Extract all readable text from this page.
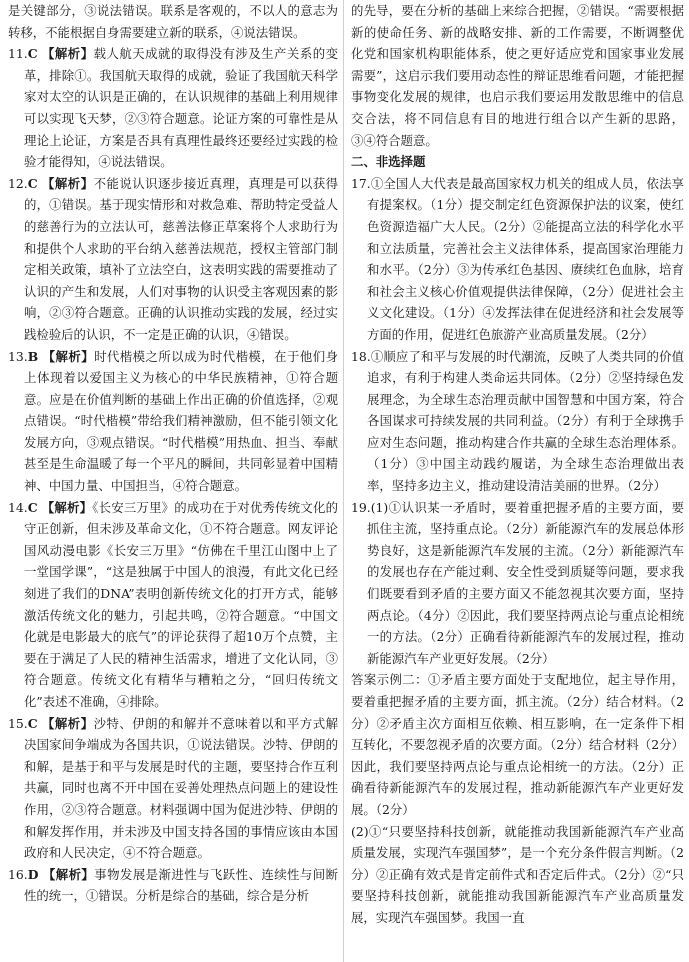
是关键部分，③说法错误。联系是客观的，不以人的意志为转移，不能根据自身需要建立新的联系，④说法错误。

11.C 【解析】载人航天成就的取得没有涉及生产关系的变革，排除①。我国航天取得的成就，验证了我国航天科学家对太空的认识是正确的，在认识规律的基础上利用规律可以实现飞天梦，②③符合题意。论证方案的可靠性是从理论上论证，方案是否具有真理性最终还要经过实践的检验才能得知，④说法错误。

12.C 【解析】不能说认识逐步接近真理，真理是可以获得的，①错误。基于现实情形和对救急难、帮助特定受益人的慈善行为的立法认可，慈善法修正草案将个人求助行为和提供个人求助的平台纳入慈善法规范，授权主管部门制定相关政策，填补了立法空白，这表明实践的需要推动了认识的产生和发展，人们对事物的认识受主客观因素的影响，②③符合题意。正确的认识推动实践的发展，经过实践检验后的认识，不一定是正确的认识，④错误。

13.B 【解析】时代楷模之所以成为时代楷模，在于他们身上体现着以爱国主义为核心的中华民族精神，①符合题意。应是在价值判断的基础上作出正确的价值选择，②观点错误。“时代楷模”带给我们精神激励，但不能引领文化发展方向，③观点错误。“时代楷模”用热血、担当、奉献甚至是生命温暖了每一个平凡的瞬间，共同彰显着中国精神、中国力量、中国担当，④符合题意。

14.C 【解析】《长安三万里》的成功在于对优秀传统文化的守正创新，但未涉及革命文化，①不符合题意。网友评论国风动漫电影《长安三万里》“仿佛在千里江山图中上了一堂国学课”，“这是独属于中国人的浪漫，有此文化已经刻进了我们的DNA”表明创新传统文化的打开方式，能够激活传统文化的魅力，引起共鸣，②符合题意。“中国文化就是电影最大的底气”的评论获得了超10万个点赞，主要在于满足了人民的精神生活需求，增进了文化认同，③符合题意。传统文化有精华与糟粕之分，“回归传统文化”表述不准确，④排除。

15.C 【解析】沙特、伊朗的和解并不意味着以和平方式解决国家间争端成为各国共识，①说法错误。沙特、伊朗的和解，是基于和平与发展是时代的主题，要坚持合作互利共赢，同时也离不开中国在妥善处理热点问题上的建设性作用，②③符合题意。材料强调中国为促进沙特、伊朗的和解发挥作用，并未涉及中国支持各国的事情应该由本国政府和人民决定，④不符合题意。

16.D 【解析】事物发展是渐进性与飞跃性、连续性与间断性的统一，①错误。分析是综合的基础，综合是分析

的先导，要在分析的基础上来综合把握，②错误。“需要根据新的使命任务、新的战略安排、新的工作需要，不断调整优化党和国家机构职能体系，使之更好适应党和国家事业发展需要”，这启示我们要用动态性的辩证思维看问题，才能把握事物变化发展的规律，也启示我们要运用发散思维中的信息交合法，将不同信息有目的地进行组合以产生新的思路，③④符合题意。

二、非选择题

17.①全国人大代表是最高国家权力机关的组成人员，依法享有提案权。（1分）提交制定红色资源保护法的议案，使红色资源造福广大人民。（2分）②能提高立法的科学化水平和立法质量，完善社会主义法律体系，提高国家治理能力和水平。（2分）③为传承红色基因、赓续红色血脉，培育和社会主义核心价值观提供法律保障，（2分）促进社会主义文化建设。（1分）④发挥法律在促进经济和社会发展等方面的作用，促进红色旅游产业高质量发展。（2分）

18.①顺应了和平与发展的时代潮流，反映了人类共同的价值追求，有利于构建人类命运共同体。（2分）②坚持绿色发展理念，为全球生态治理贡献中国智慧和中国方案，符合各国谋求可持续发展的共同利益。（2分）有利于全球携手应对生态问题，推动构建合作共赢的全球生态治理体系。（1分）③中国主动践约履诺，为全球生态治理做出表率，坚持多边主义，推动建设清洁美丽的世界。（2分）

19.(1)①认识某一矛盾时，要着重把握矛盾的主要方面，要抓住主流，坚持重点论。（2分）新能源汽车的发展总体形势良好，这是新能源汽车发展的主流。（2分）新能源汽车的发展也存在产能过剩、安全性受到质疑等问题，要求我们既要看到矛盾的主要方面又不能忽视其次要方面，坚持两点论。（4分）②因此，我们要坚持两点论与重点论相统一的方法。（2分）正确看待新能源汽车的发展过程，推动新能源汽车产业更好发展。（2分）

答案示例二：①矛盾主要方面处于支配地位，起主导作用，要着重把握矛盾的主要方面，抓主流。（2分）结合材料。（2分）②矛盾主次方面相互依赖、相互影响，在一定条件下相互转化，不要忽视矛盾的次要方面。（2分）结合材料（2分）因此，我们要坚持两点论与重点论相统一的方法。（2分）正确看待新能源汽车的发展过程，推动新能源汽车产业更好发展。（2分）

(2)①“只要坚持科技创新，就能推动我国新能源汽车产业高质量发展，实现汽车强国梦”，是一个充分条件假言判断。（2分）②正确有效式是肯定前件式和否定后件式。（2分）②“只要坚持科技创新，就能推动我国新能源汽车产业高质量发展，实现汽车强国梦。我国一直
